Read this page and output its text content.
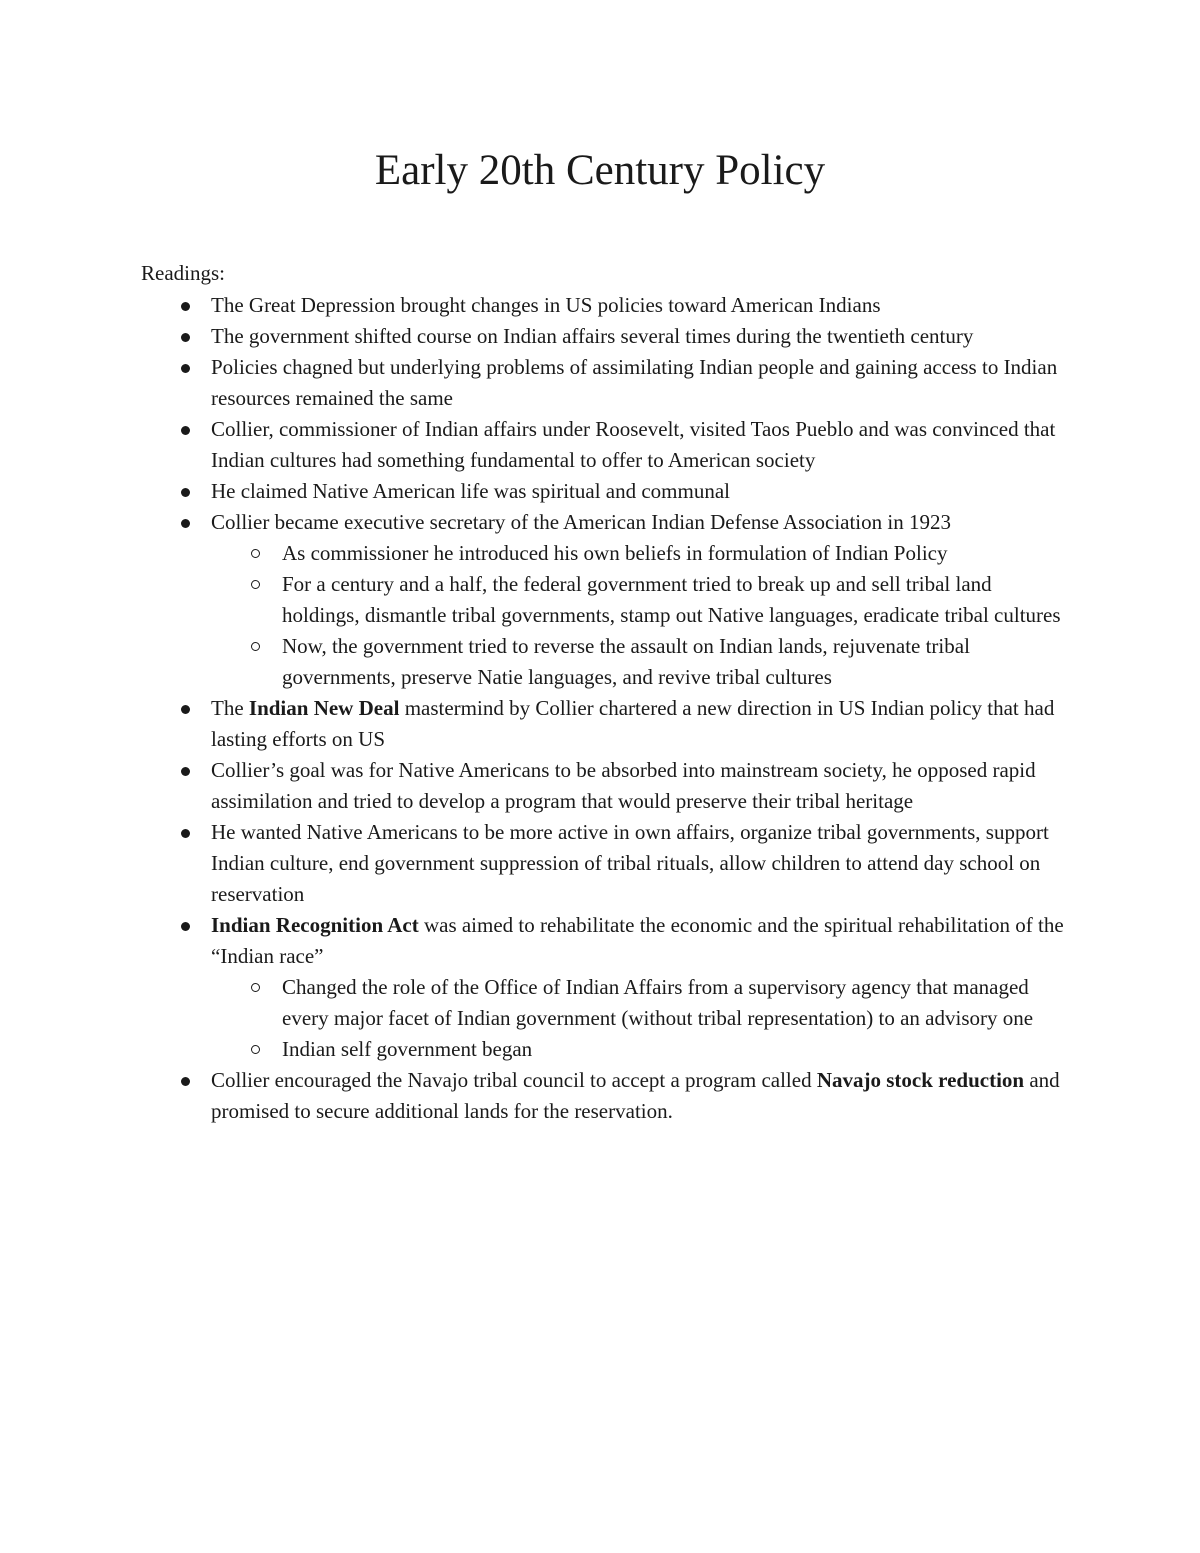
Early 20th Century Policy

Readings:

The Great Depression brought changes in US policies toward American Indians
The government shifted course on Indian affairs several times during the twentieth century
Policies chagned but underlying problems of assimilating Indian people and gaining access to Indian resources remained the same
Collier, commissioner of Indian affairs under Roosevelt, visited Taos Pueblo and was convinced that Indian cultures had something fundamental to offer to American society
He claimed Native American life was spiritual and communal
Collier became executive secretary of the American Indian Defense Association in 1923
As commissioner he introduced his own beliefs in formulation of Indian Policy
For a century and a half, the federal government tried to break up and sell tribal land holdings, dismantle tribal governments, stamp out Native languages, eradicate tribal cultures
Now, the government tried to reverse the assault on Indian lands, rejuvenate tribal governments, preserve Natie languages, and revive tribal cultures
The Indian New Deal mastermind by Collier chartered a new direction in US Indian policy that had lasting efforts on US
Collier’s goal was for Native Americans to be absorbed into mainstream society, he opposed rapid assimilation and tried to develop a program that would preserve their tribal heritage
He wanted Native Americans to be more active in own affairs, organize tribal governments, support Indian culture, end government suppression of tribal rituals, allow children to attend day school on reservation
Indian Recognition Act was aimed to rehabilitate the economic and the spiritual rehabilitation of the “Indian race”
Changed the role of the Office of Indian Affairs from a supervisory agency that managed every major facet of Indian government (without tribal representation) to an advisory one
Indian self government began
Collier encouraged the Navajo tribal council to accept a program called Navajo stock reduction and promised to secure additional lands for the reservation.
